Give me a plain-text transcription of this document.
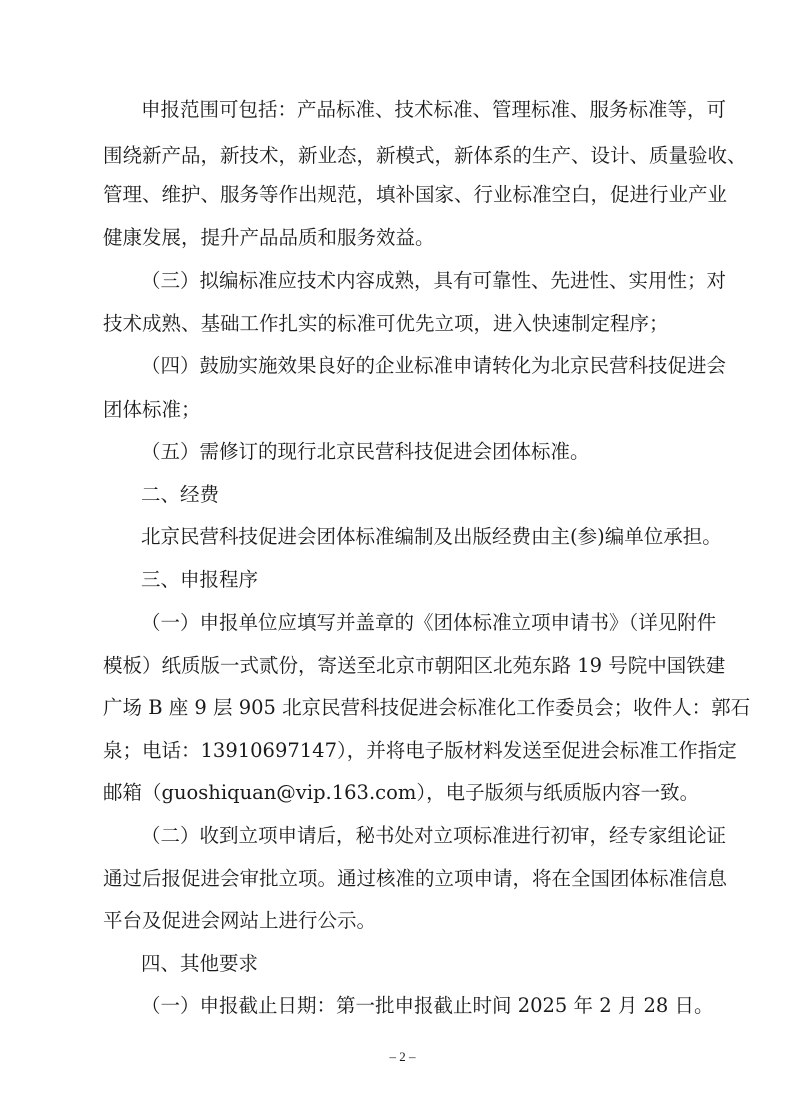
申报范围可包括：产品标准、技术标准、管理标准、服务标准等，可
围绕新产品，新技术，新业态，新模式，新体系的生产、设计、质量验收、
管理、维护、服务等作出规范，填补国家、行业标准空白，促进行业产业
健康发展，提升产品品质和服务效益。
（三）拟编标准应技术内容成熟，具有可靠性、先进性、实用性；对
技术成熟、基础工作扎实的标准可优先立项，进入快速制定程序；
（四）鼓励实施效果良好的企业标准申请转化为北京民营科技促进会
团体标准；
（五）需修订的现行北京民营科技促进会团体标准。
二、经费
北京民营科技促进会团体标准编制及出版经费由主(参)编单位承担。
三、申报程序
（一）申报单位应填写并盖章的《团体标准立项申请书》（详见附件
模板）纸质版一式贰份，寄送至北京市朝阳区北苑东路 19 号院中国铁建
广场 B 座 9 层 905 北京民营科技促进会标准化工作委员会；收件人：郭石
泉；电话：13910697147），并将电子版材料发送至促进会标准工作指定
邮箱（guoshiquan@vip.163.com），电子版须与纸质版内容一致。
（二）收到立项申请后，秘书处对立项标准进行初审，经专家组论证
通过后报促进会审批立项。通过核准的立项申请，将在全国团体标准信息
平台及促进会网站上进行公示。
四、其他要求
（一）申报截止日期：第一批申报截止时间 2025 年 2 月 28 日。
– 2 –
